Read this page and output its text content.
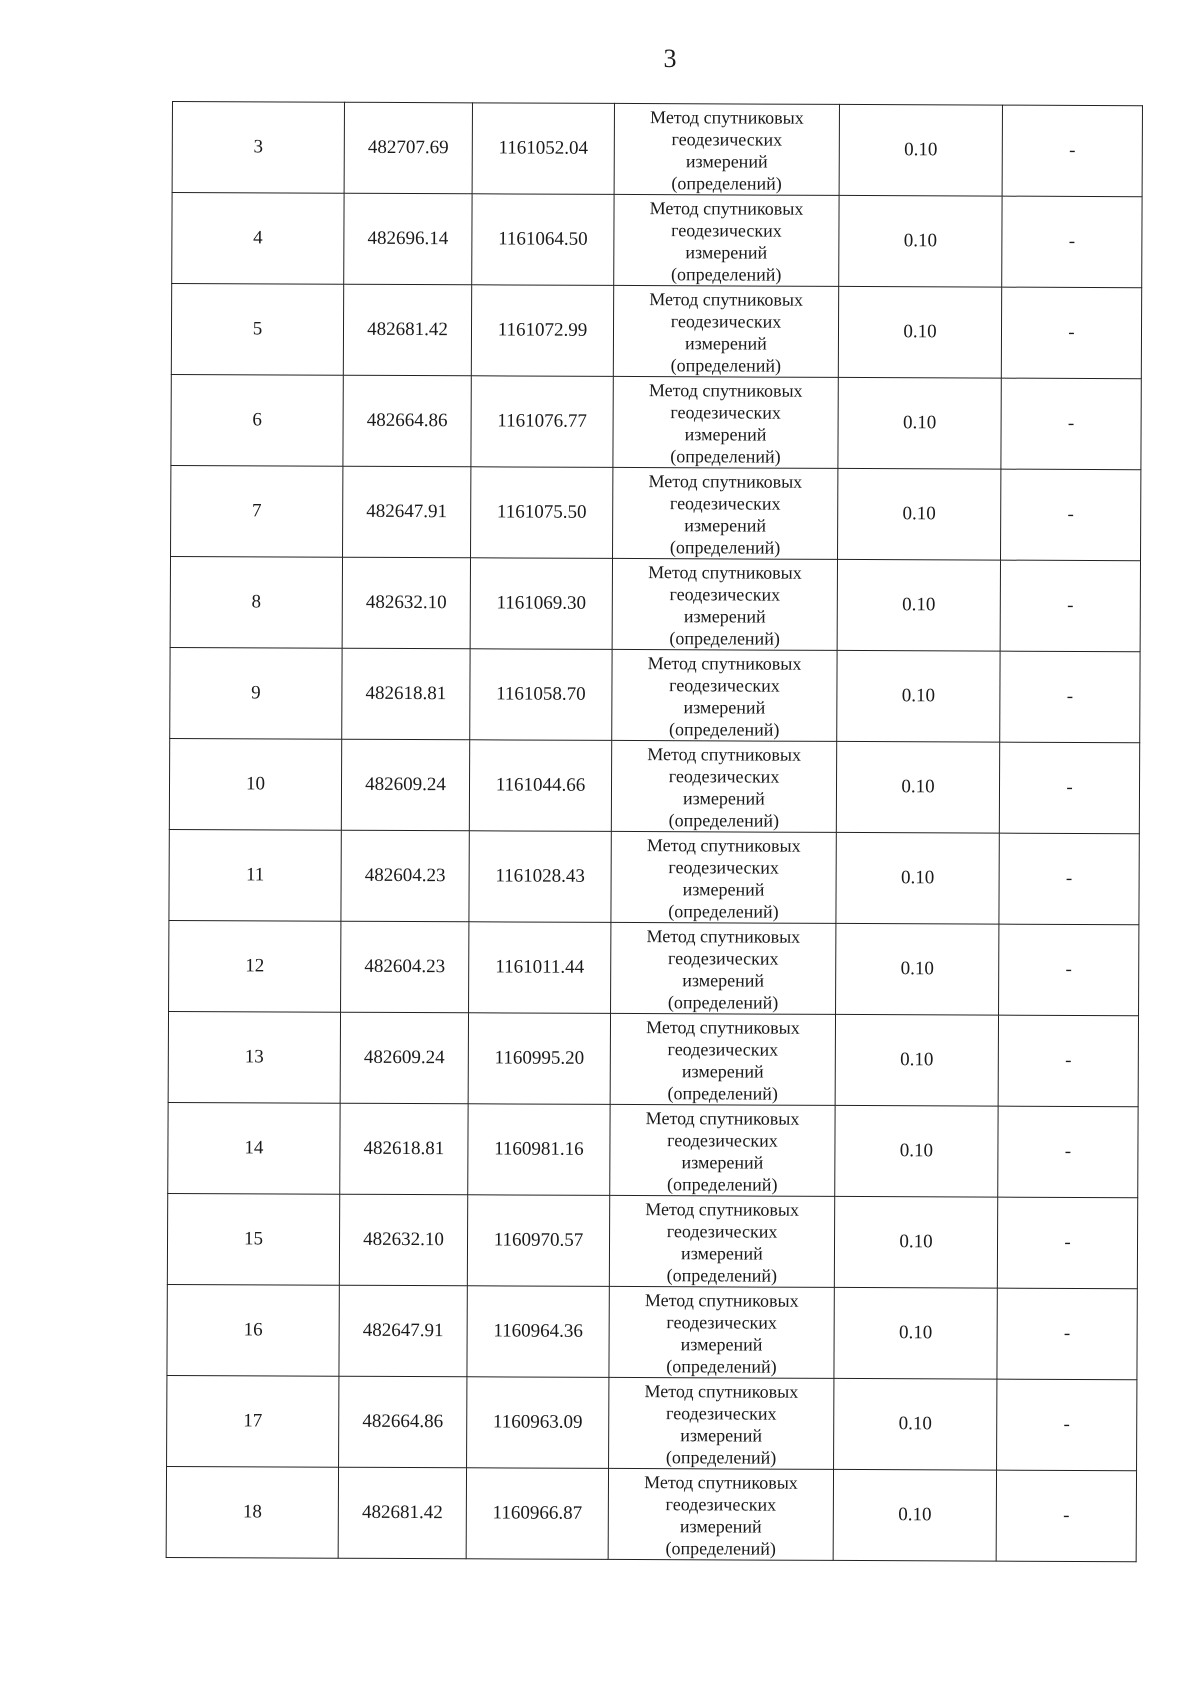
3
3	482707.69	1161052.04	Метод спутниковых
геодезических
измерений
(определений)	0.10	-
4	482696.14	1161064.50	Метод спутниковых
геодезических
измерений
(определений)	0.10	-
5	482681.42	1161072.99	Метод спутниковых
геодезических
измерений
(определений)	0.10	-
6	482664.86	1161076.77	Метод спутниковых
геодезических
измерений
(определений)	0.10	-
7	482647.91	1161075.50	Метод спутниковых
геодезических
измерений
(определений)	0.10	-
8	482632.10	1161069.30	Метод спутниковых
геодезических
измерений
(определений)	0.10	-
9	482618.81	1161058.70	Метод спутниковых
геодезических
измерений
(определений)	0.10	-
10	482609.24	1161044.66	Метод спутниковых
геодезических
измерений
(определений)	0.10	-
11	482604.23	1161028.43	Метод спутниковых
геодезических
измерений
(определений)	0.10	-
12	482604.23	1161011.44	Метод спутниковых
геодезических
измерений
(определений)	0.10	-
13	482609.24	1160995.20	Метод спутниковых
геодезических
измерений
(определений)	0.10	-
14	482618.81	1160981.16	Метод спутниковых
геодезических
измерений
(определений)	0.10	-
15	482632.10	1160970.57	Метод спутниковых
геодезических
измерений
(определений)	0.10	-
16	482647.91	1160964.36	Метод спутниковых
геодезических
измерений
(определений)	0.10	-
17	482664.86	1160963.09	Метод спутниковых
геодезических
измерений
(определений)	0.10	-
18	482681.42	1160966.87	Метод спутниковых
геодезических
измерений
(определений)	0.10	-
